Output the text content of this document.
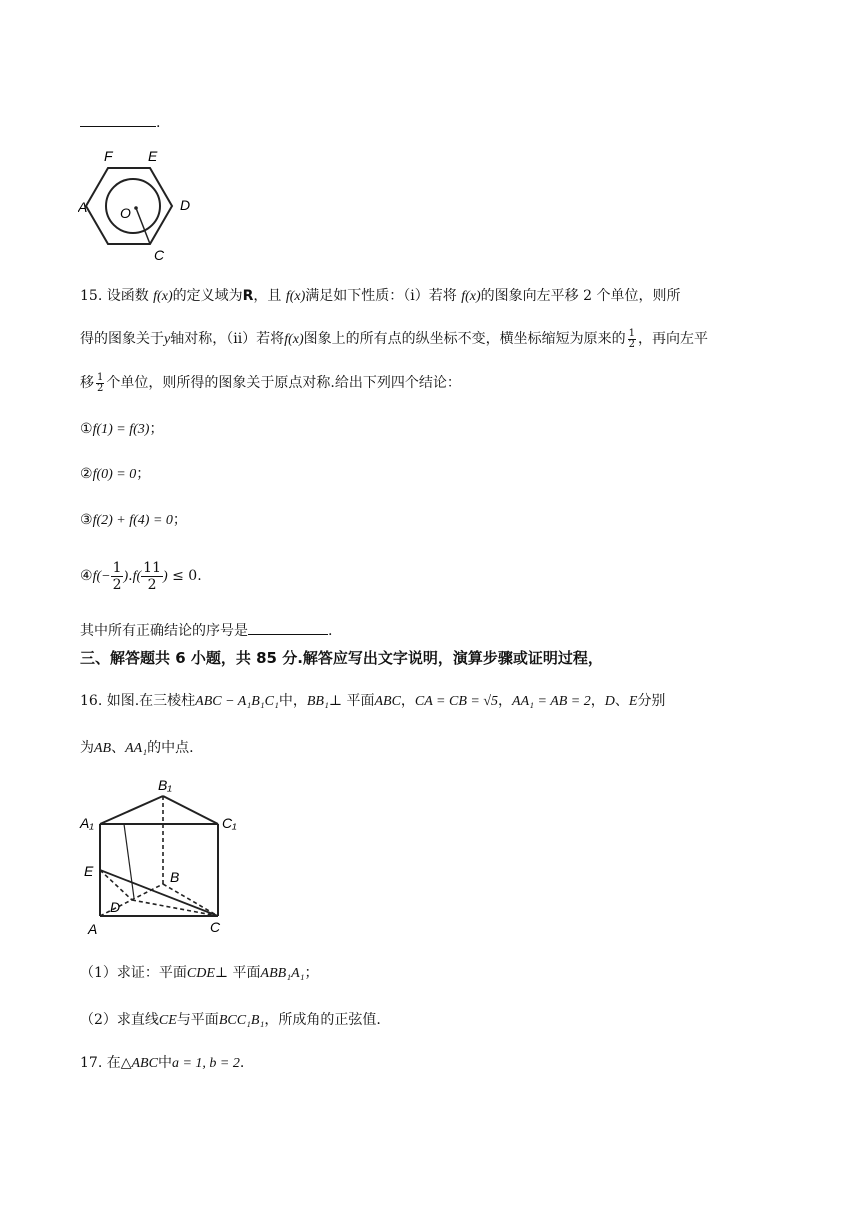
.
F	E
A	D
C
O
15. 设函数 f(x)的定义域为R，且 f(x)满足如下性质：（i）若将 f(x)的图象向左平移 2 个单位，则所
得的图象关于y轴对称，（ii）若将f(x)图象上的所有点的纵坐标不变，横坐标缩短为原来的 $\frac{1}{2}$ ，再向左平
移 $\frac{1}{2}$ 个单位，则所得的图象关于原点对称.给出下列四个结论：
①f(1) = f(3)；
②f(0) = 0；
③f(2) + f(4) = 0；
④f(− $\frac{1}{2} ).f( \frac{11}{2}$ ) ≤ 0.
其中所有正确结论的序号是	.
三、解答题共 6 小题，共 85 分.解答应写出文字说明，演算步骤或证明过程，
16. 如图.在三棱柱ABC − A₁B₁C₁中，BB₁⊥ 平面ABC，CA = CB = √5，AA₁ = AB = 2，D、E分别
为AB、AA₁的中点.
B₁
A₁	C₁
E	B
D
A	C
（1）求证：平面CDE⊥ 平面ABB₁A₁；
（2）求直线CE与平面BCC₁B₁，所成角的正弦值.
17. 在△ABC中a = 1, b = 2.
